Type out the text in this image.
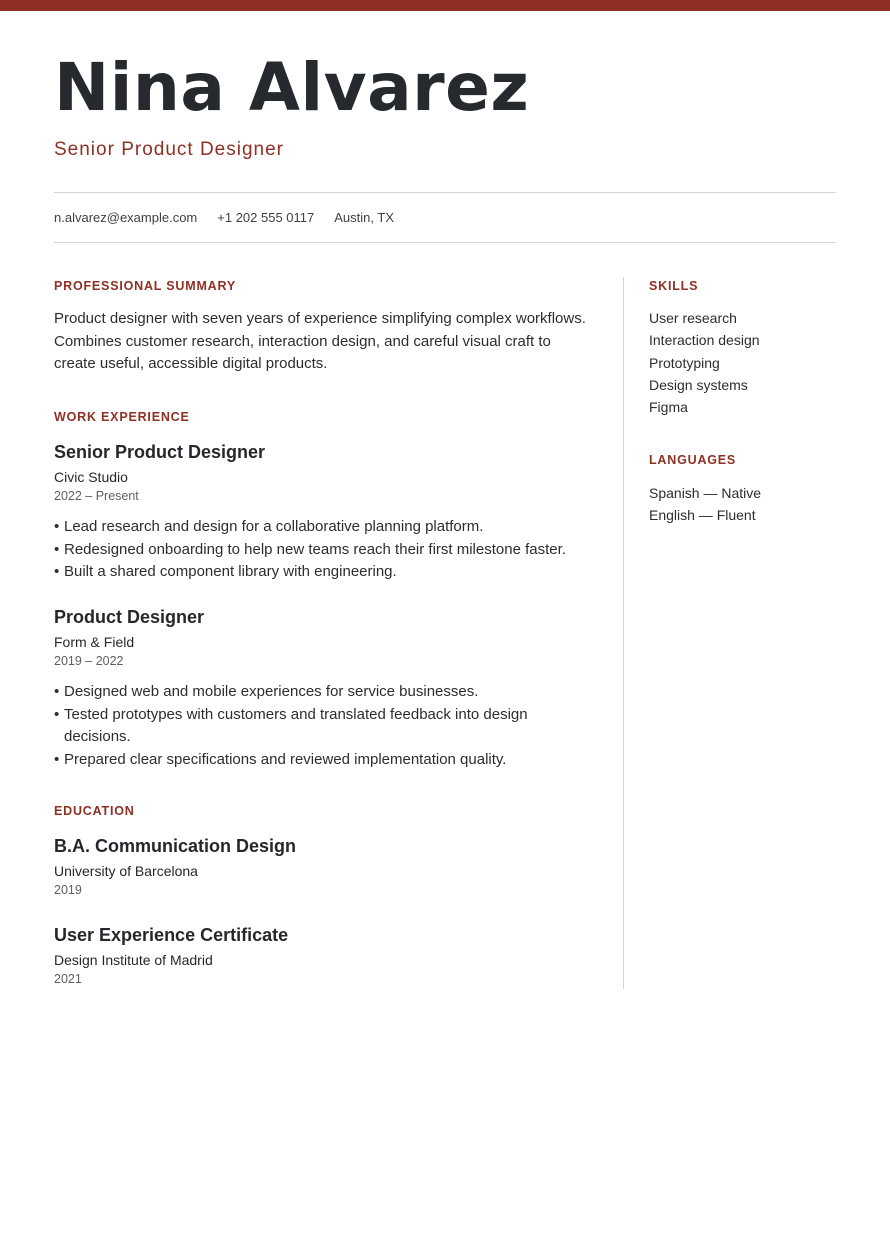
Nina Alvarez
Senior Product Designer
n.alvarez@example.com +1 202 555 0117 Austin, TX
PROFESSIONAL SUMMARY

Product designer with seven years of experience simplifying complex workflows. Combines customer research, interaction design, and careful visual craft to create useful, accessible digital products.

WORK EXPERIENCE
Senior Product Designer
Civic Studio
2022 – Present
• Lead research and design for a collaborative planning platform.
• Redesigned onboarding to help new teams reach their first milestone faster.
• Built a shared component library with engineering.
Product Designer
Form & Field
2019 – 2022
• Designed web and mobile experiences for service businesses.
• Tested prototypes with customers and translated feedback into design decisions.
• Prepared clear specifications and reviewed implementation quality.
EDUCATION
B.A. Communication Design
University of Barcelona
2019
User Experience Certificate
Design Institute of Madrid
2021
SKILLS
User research
Interaction design
Prototyping
Design systems
Figma
LANGUAGES
Spanish — Native
English — Fluent
